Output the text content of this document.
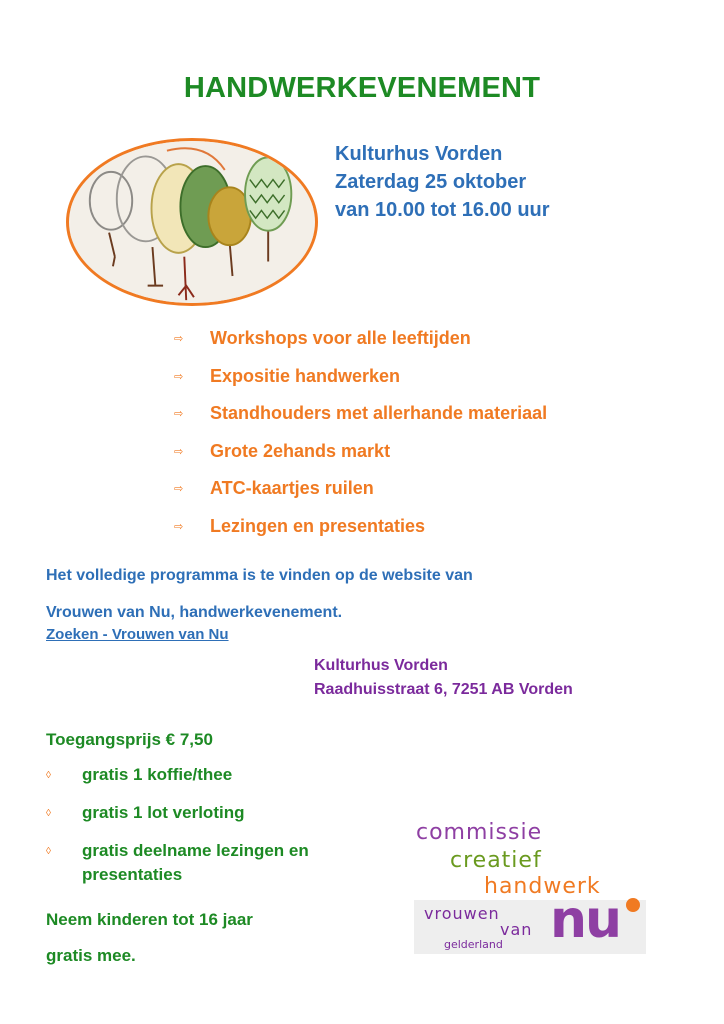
HANDWERKEVENEMENT
Kulturhus Vorden
Zaterdag 25 oktober
van 10.00 tot 16.00 uur
⇨	Workshops voor alle leeftijden
⇨	Expositie handwerken
⇨	Standhouders met allerhande materiaal
⇨	Grote 2ehands markt
⇨	ATC-kaartjes ruilen
⇨	Lezingen en presentaties
Het volledige programma is te vinden op de website van
Vrouwen van Nu, handwerkevenement.
Zoeken - Vrouwen van Nu
Kulturhus Vorden
Raadhuisstraat 6, 7251 AB Vorden
Toegangsprijs € 7,50
◊	gratis 1 koffie/thee
◊	gratis 1 lot verloting
◊	gratis deelname lezingen en presentaties
Neem kinderen tot 16 jaar
gratis mee.
commissie
creatief
handwerk
vrouwen
van nu
gelderland
